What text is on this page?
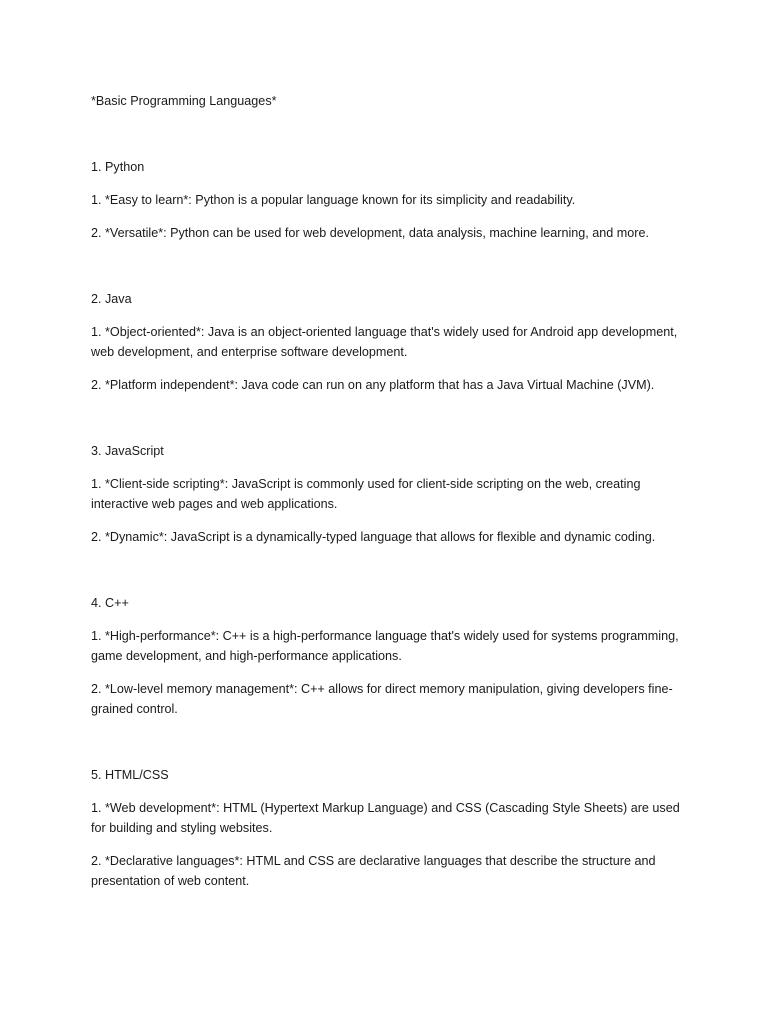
*Basic Programming Languages*

1. Python

1. *Easy to learn*: Python is a popular language known for its simplicity and readability.

2. *Versatile*: Python can be used for web development, data analysis, machine learning, and more.

2. Java

1. *Object-oriented*: Java is an object-oriented language that's widely used for Android app development, web development, and enterprise software development.

2. *Platform independent*: Java code can run on any platform that has a Java Virtual Machine (JVM).

3. JavaScript

1. *Client-side scripting*: JavaScript is commonly used for client-side scripting on the web, creating interactive web pages and web applications.

2. *Dynamic*: JavaScript is a dynamically-typed language that allows for flexible and dynamic coding.

4. C++

1. *High-performance*: C++ is a high-performance language that's widely used for systems programming, game development, and high-performance applications.

2. *Low-level memory management*: C++ allows for direct memory manipulation, giving developers fine-grained control.

5. HTML/CSS

1. *Web development*: HTML (Hypertext Markup Language) and CSS (Cascading Style Sheets) are used for building and styling websites.

2. *Declarative languages*: HTML and CSS are declarative languages that describe the structure and presentation of web content.
